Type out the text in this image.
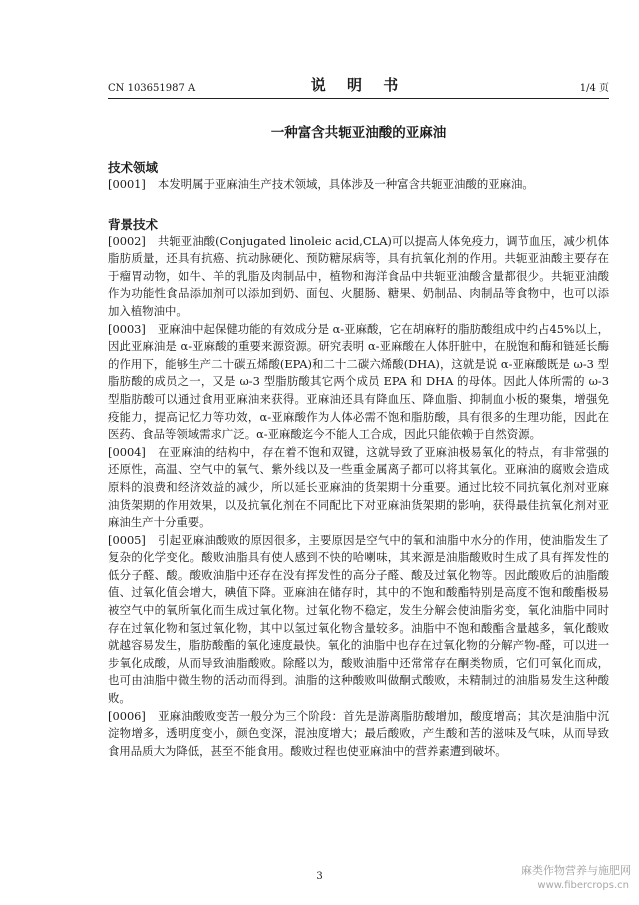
CN 103651987 A	说 明 书	1/4 页
一种富含共轭亚油酸的亚麻油

技术领域

[0001] 本发明属于亚麻油生产技术领域，具体涉及一种富含共轭亚油酸的亚麻油。

背景技术

[0002] 共轭亚油酸(Conjugated linoleic acid,CLA)可以提高人体免疫力，调节血压，减少机体脂肪质量，还具有抗癌、抗动脉硬化、预防糖尿病等，具有抗氧化剂的作用。共轭亚油酸主要存在于瘤胃动物，如牛、羊的乳脂及肉制品中，植物和海洋食品中共轭亚油酸含量都很少。共轭亚油酸作为功能性食品添加剂可以添加到奶、面包、火腿肠、糖果、奶制品、肉制品等食物中，也可以添加入植物油中。

[0003] 亚麻油中起保健功能的有效成分是 α-亚麻酸，它在胡麻籽的脂肪酸组成中约占45%以上，因此亚麻油是 α-亚麻酸的重要来源资源。研究表明 α-亚麻酸在人体肝脏中，在脱饱和酶和链延长酶的作用下，能够生产二十碳五烯酸(EPA)和二十二碳六烯酸(DHA)，这就是说 α-亚麻酸既是 ω-3 型脂肪酸的成员之一，又是 ω-3 型脂肪酸其它两个成员 EPA 和 DHA 的母体。因此人体所需的 ω-3 型脂肪酸可以通过食用亚麻油来获得。亚麻油还具有降血压、降血脂、抑制血小板的聚集，增强免疫能力，提高记忆力等功效，α-亚麻酸作为人体必需不饱和脂肪酸，具有很多的生理功能，因此在医药、食品等领域需求广泛。α-亚麻酸迄今不能人工合成，因此只能依赖于自然资源。

[0004] 在亚麻油的结构中，存在着不饱和双键，这就导致了亚麻油极易氧化的特点，有非常强的还原性，高温、空气中的氧气、紫外线以及一些重金属离子都可以将其氧化。亚麻油的腐败会造成原料的浪费和经济效益的减少，所以延长亚麻油的货架期十分重要。通过比较不同抗氧化剂对亚麻油货架期的作用效果，以及抗氧化剂在不同配比下对亚麻油货架期的影响，获得最佳抗氧化剂对亚麻油生产十分重要。

[0005] 引起亚麻油酸败的原因很多，主要原因是空气中的氧和油脂中水分的作用，使油脂发生了复杂的化学变化。酸败油脂具有使人感到不快的哈喇味，其来源是油脂酸败时生成了具有挥发性的低分子醛、酸。酸败油脂中还存在没有挥发性的高分子醛、酸及过氧化物等。因此酸败后的油脂酸值、过氧化值会增大，碘值下降。亚麻油在储存时，其中的不饱和酸酯特别是高度不饱和酸酯极易被空气中的氧所氧化而生成过氧化物。过氧化物不稳定，发生分解会使油脂劣变，氧化油脂中同时存在过氧化物和氢过氧化物，其中以氢过氧化物含量较多。油脂中不饱和酸酯含量越多，氧化酸败就越容易发生，脂肪酸酯的氧化速度最快。氧化的油脂中也存在过氧化物的分解产物-醛，可以进一步氧化成酸，从而导致油脂酸败。除醛以为，酸败油脂中还常常存在酮类物质，它们可氧化而成，也可由油脂中微生物的活动而得到。油脂的这种酸败叫做酮式酸败，未精制过的油脂易发生这种酸败。

[0006] 亚麻油酸败变苦一般分为三个阶段：首先是游离脂肪酸增加，酸度增高；其次是油脂中沉淀物增多，透明度变小，颜色变深，混浊度增大；最后酸败，产生酸和苦的滋味及气味，从而导致食用品质大为降低，甚至不能食用。酸败过程也使亚麻油中的营养素遭到破坏。

3	麻类作物营养与施肥网
www.fibercrops.cn
